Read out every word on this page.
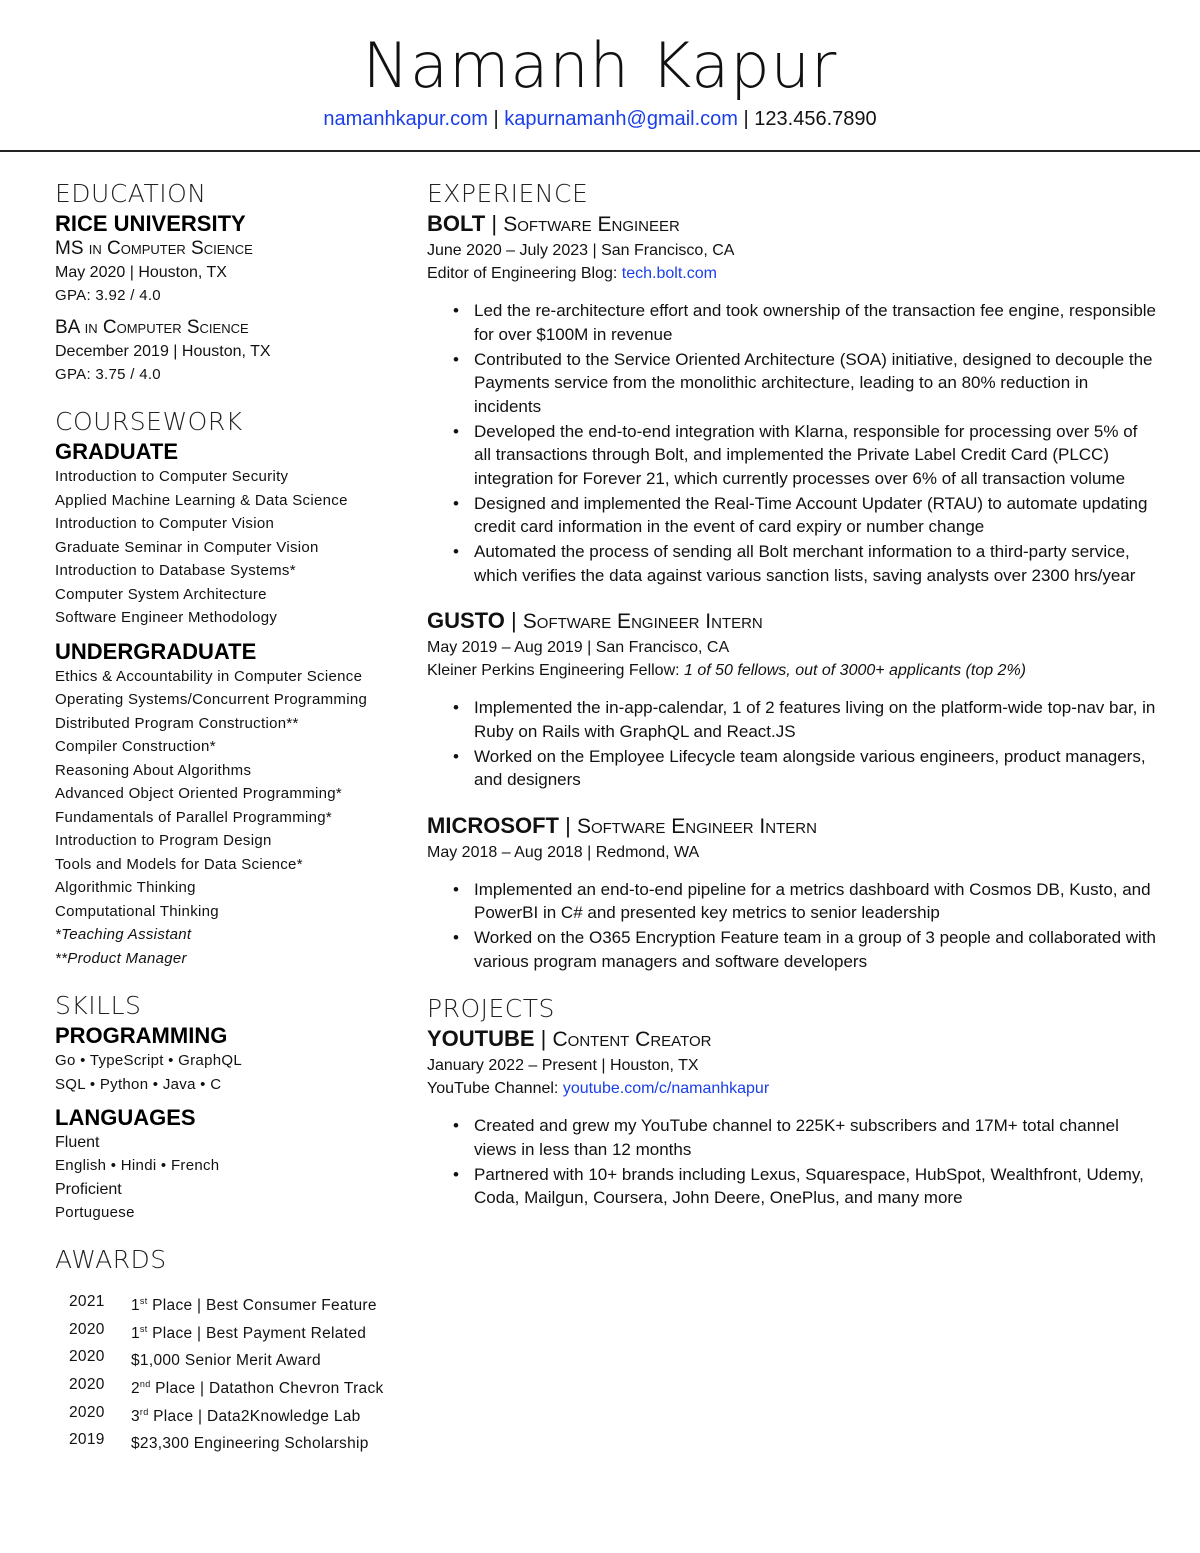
Namanh Kapur
namanhkapur.com | kapurnamanh@gmail.com | 123.456.7890
EDUCATION
RICE UNIVERSITY
MS in Computer Science
May 2020 | Houston, TX
GPA: 3.92 / 4.0
BA in Computer Science
December 2019 | Houston, TX
GPA: 3.75 / 4.0
COURSEWORK
GRADUATE
Introduction to Computer Security
Applied Machine Learning & Data Science
Introduction to Computer Vision
Graduate Seminar in Computer Vision
Introduction to Database Systems*
Computer System Architecture
Software Engineer Methodology
UNDERGRADUATE
Ethics & Accountability in Computer Science
Operating Systems/Concurrent Programming
Distributed Program Construction**
Compiler Construction*
Reasoning About Algorithms
Advanced Object Oriented Programming*
Fundamentals of Parallel Programming*
Introduction to Program Design
Tools and Models for Data Science*
Algorithmic Thinking
Computational Thinking
*Teaching Assistant
**Product Manager
SKILLS
PROGRAMMING
Go • TypeScript • GraphQL
SQL • Python • Java • C
LANGUAGES
Fluent
English • Hindi • French
Proficient
Portuguese
AWARDS
2021	1st Place | Best Consumer Feature
2020	1st Place | Best Payment Related
2020	$1,000 Senior Merit Award
2020	2nd Place | Datathon Chevron Track
2020	3rd Place | Data2Knowledge Lab
2019	$23,300 Engineering Scholarship
EXPERIENCE
BOLT | Software Engineer
June 2020 – July 2023 | San Francisco, CA
Editor of Engineering Blog: tech.bolt.com
• Led the re-architecture effort and took ownership of the transaction fee engine, responsible for over $100M in revenue
• Contributed to the Service Oriented Architecture (SOA) initiative, designed to decouple the Payments service from the monolithic architecture, leading to an 80% reduction in incidents
• Developed the end-to-end integration with Klarna, responsible for processing over 5% of all transactions through Bolt, and implemented the Private Label Credit Card (PLCC) integration for Forever 21, which currently processes over 6% of all transaction volume
• Designed and implemented the Real-Time Account Updater (RTAU) to automate updating credit card information in the event of card expiry or number change
• Automated the process of sending all Bolt merchant information to a third-party service, which verifies the data against various sanction lists, saving analysts over 2300 hrs/year
GUSTO | Software Engineer Intern
May 2019 – Aug 2019 | San Francisco, CA
Kleiner Perkins Engineering Fellow: 1 of 50 fellows, out of 3000+ applicants (top 2%)
• Implemented the in-app-calendar, 1 of 2 features living on the platform-wide top-nav bar, in Ruby on Rails with GraphQL and React.JS
• Worked on the Employee Lifecycle team alongside various engineers, product managers, and designers
MICROSOFT | Software Engineer Intern
May 2018 – Aug 2018 | Redmond, WA
• Implemented an end-to-end pipeline for a metrics dashboard with Cosmos DB, Kusto, and PowerBI in C# and presented key metrics to senior leadership
• Worked on the O365 Encryption Feature team in a group of 3 people and collaborated with various program managers and software developers
PROJECTS
YOUTUBE | Content Creator
January 2022 – Present | Houston, TX
YouTube Channel: youtube.com/c/namanhkapur
• Created and grew my YouTube channel to 225K+ subscribers and 17M+ total channel views in less than 12 months
• Partnered with 10+ brands including Lexus, Squarespace, HubSpot, Wealthfront, Udemy, Coda, Mailgun, Coursera, John Deere, OnePlus, and many more
